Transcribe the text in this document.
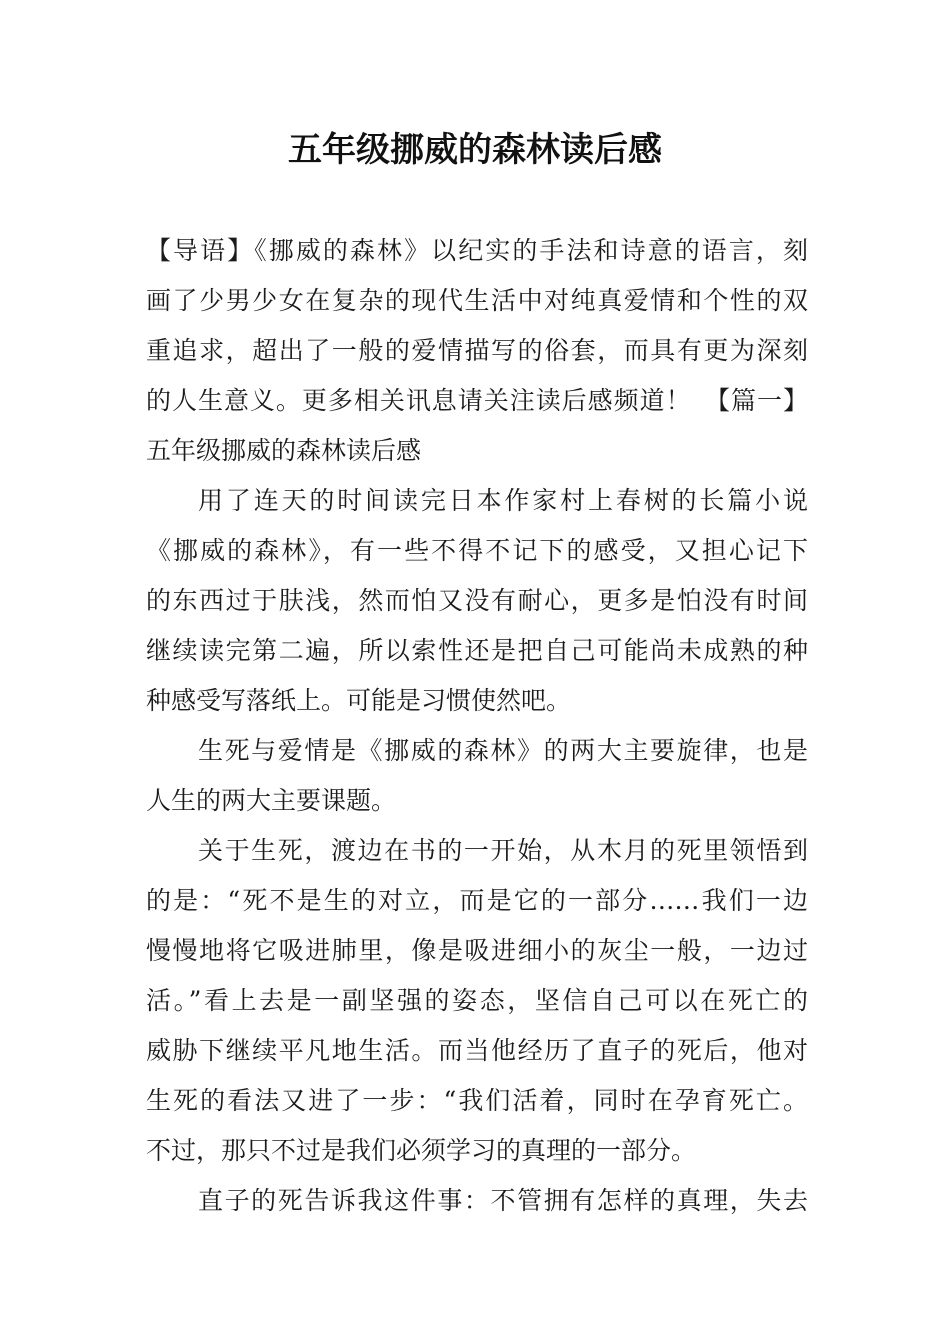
五年级挪威的森林读后感
【导语】《挪威的森林》以纪实的手法和诗意的语言，刻
画了少男少女在复杂的现代生活中对纯真爱情和个性的双
重追求，超出了一般的爱情描写的俗套，而具有更为深刻
的人生意义。更多相关讯息请关注读后感频道！　【篇一】
五年级挪威的森林读后感
用了连天的时间读完日本作家村上春树的长篇小说
《挪威的森林》，有一些不得不记下的感受，又担心记下
的东西过于肤浅，然而怕又没有耐心，更多是怕没有时间
继续读完第二遍，所以索性还是把自己可能尚未成熟的种
种感受写落纸上。可能是习惯使然吧。
生死与爱情是《挪威的森林》的两大主要旋律，也是
人生的两大主要课题。
关于生死，渡边在书的一开始，从木月的死里领悟到
的是：“死不是生的对立，而是它的一部分……我们一边
慢慢地将它吸进肺里，像是吸进细小的灰尘一般，一边过
活。”看上去是一副坚强的姿态，坚信自己可以在死亡的
威胁下继续平凡地生活。而当他经历了直子的死后，他对
生死的看法又进了一步：“我们活着，同时在孕育死亡。
不过，那只不过是我们必须学习的真理的一部分。
直子的死告诉我这件事：不管拥有怎样的真理，失去
